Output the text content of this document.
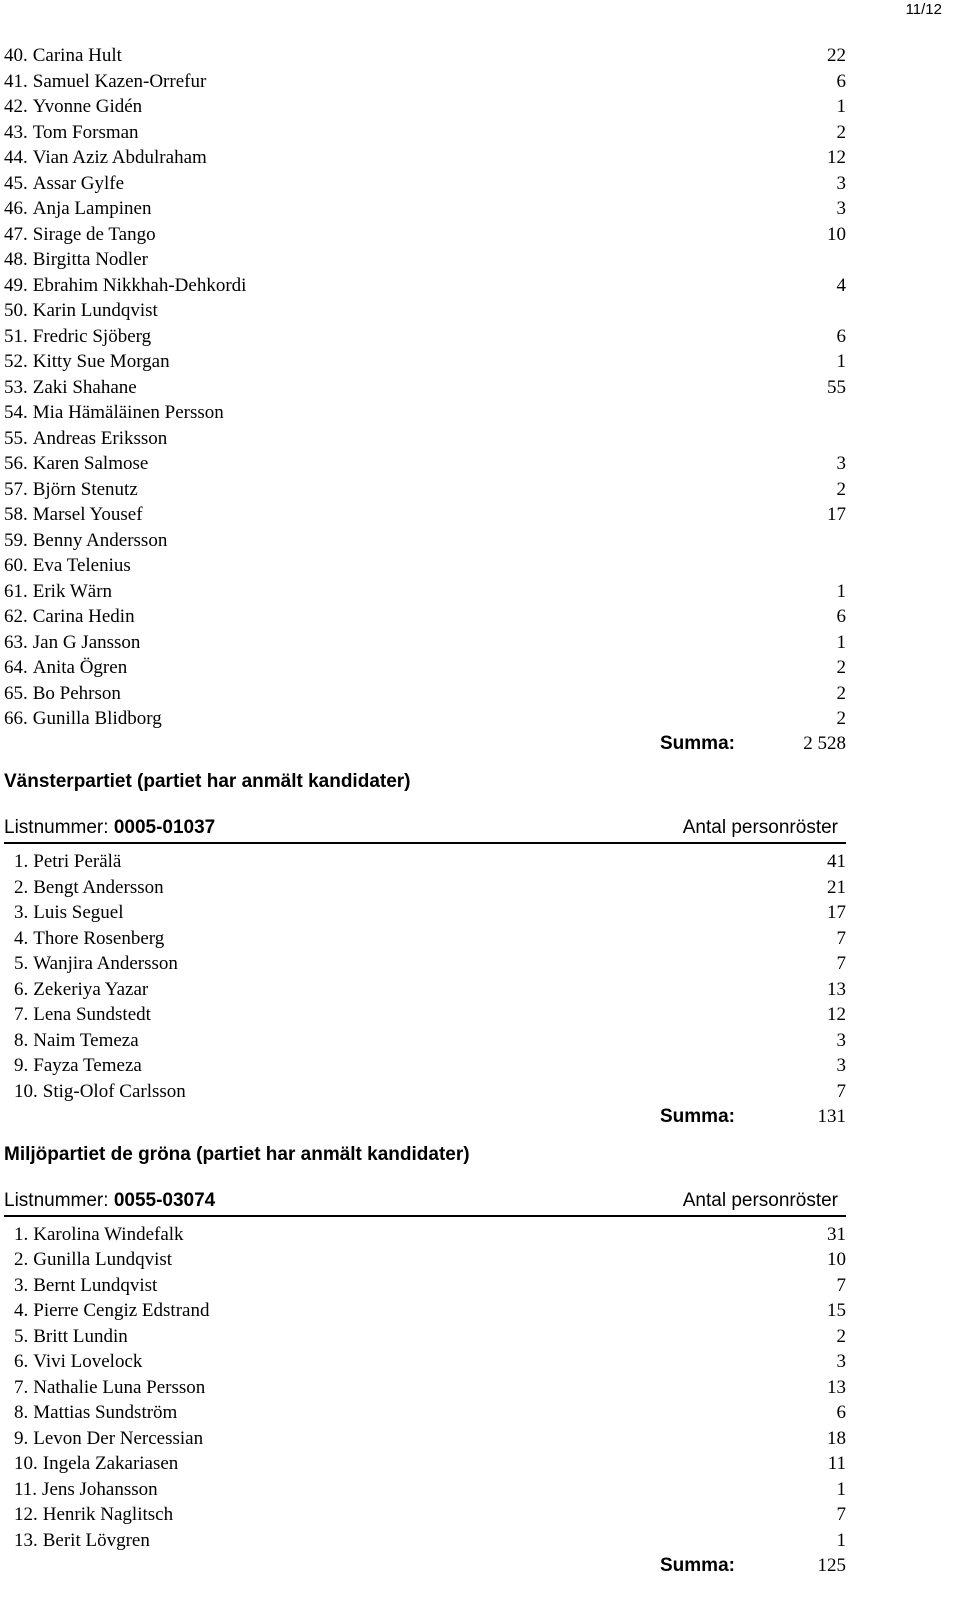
11/12
40. Carina Hult	22
41. Samuel Kazen-Orrefur	6
42. Yvonne Gidén	1
43. Tom Forsman	2
44. Vian Aziz Abdulraham	12
45. Assar Gylfe	3
46. Anja Lampinen	3
47. Sirage de Tango	10
48. Birgitta Nodler
49. Ebrahim Nikkhah-Dehkordi	4
50. Karin Lundqvist
51. Fredric Sjöberg	6
52. Kitty Sue Morgan	1
53. Zaki Shahane	55
54. Mia Hämäläinen Persson
55. Andreas Eriksson
56. Karen Salmose	3
57. Björn Stenutz	2
58. Marsel Yousef	17
59. Benny Andersson
60. Eva Telenius
61. Erik Wärn	1
62. Carina Hedin	6
63. Jan G Jansson	1
64. Anita Ögren	2
65. Bo Pehrson	2
66. Gunilla Blidborg	2
Summa:	2 528
Vänsterpartiet (partiet har anmält kandidater)
Listnummer: 0005-01037	Antal personröster
1. Petri Perälä	41
2. Bengt Andersson	21
3. Luis Seguel	17
4. Thore Rosenberg	7
5. Wanjira Andersson	7
6. Zekeriya Yazar	13
7. Lena Sundstedt	12
8. Naim Temeza	3
9. Fayza Temeza	3
10. Stig-Olof Carlsson	7
Summa:	131
Miljöpartiet de gröna (partiet har anmält kandidater)
Listnummer: 0055-03074	Antal personröster
1. Karolina Windefalk	31
2. Gunilla Lundqvist	10
3. Bernt Lundqvist	7
4. Pierre Cengiz Edstrand	15
5. Britt Lundin	2
6. Vivi Lovelock	3
7. Nathalie Luna Persson	13
8. Mattias Sundström	6
9. Levon Der Nercessian	18
10. Ingela Zakariasen	11
11. Jens Johansson	1
12. Henrik Naglitsch	7
13. Berit Lövgren	1
Summa:	125
